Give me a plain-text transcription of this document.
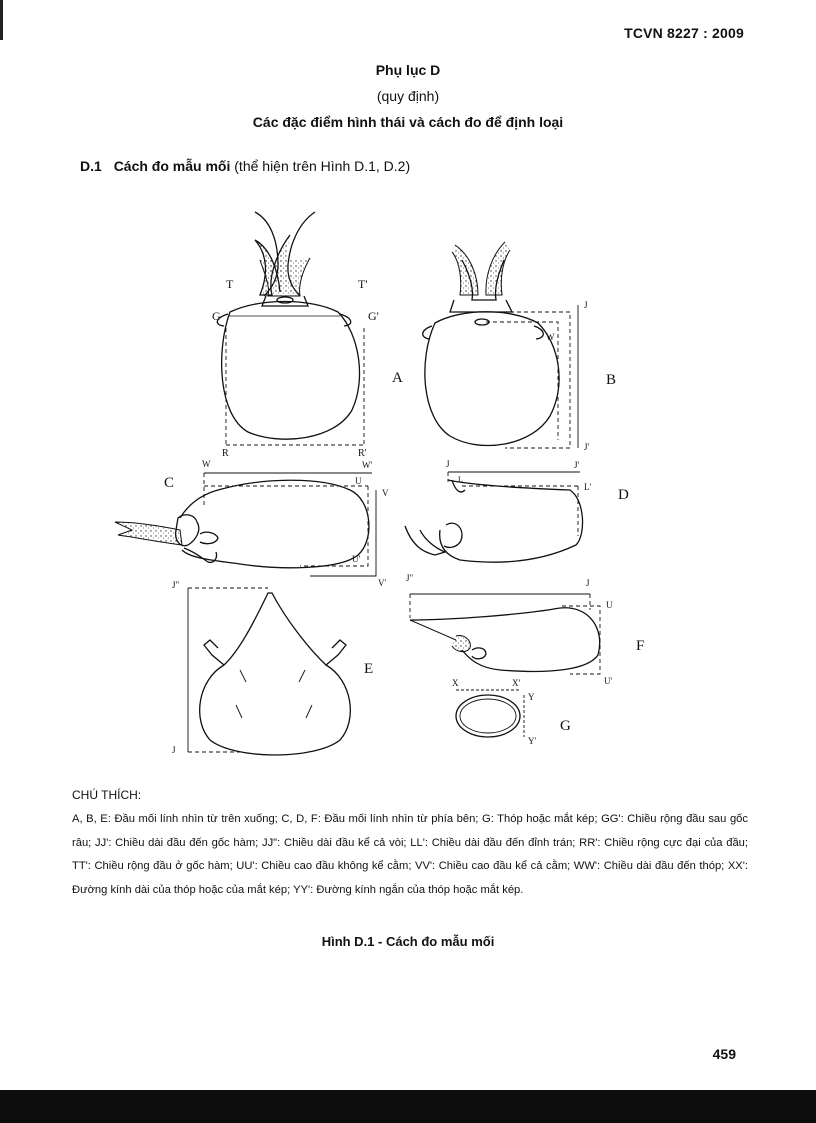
TCVN 8227 : 2009
Phụ lục D
(quy định)
Các đặc điểm hình thái và cách đo để định loại
D.1 Cách đo mẫu mối (thể hiện trên Hình D.1, D.2)
T	T'
G	G'
R	R'
A
J
W
J'
B
W	W'
U
V
U'
V'
C
J	J'
L
L' D
J"
J
E
J"	J
U
U'
F
X	X'
Y
Y'
G
CHÚ THÍCH:
A, B, E: Đầu mối lính nhìn từ trên xuống; C, D, F: Đầu mối lính nhìn từ phía bên; G: Thóp hoặc mắt kép; GG': Chiều rộng đầu sau gốc râu; JJ': Chiều dài đầu đến gốc hàm; JJ": Chiều dài đầu kể cả vòi; LL': Chiều dài đầu đến đỉnh trán; RR': Chiều rộng cực đại của đầu; TT': Chiều rộng đầu ở gốc hàm; UU': Chiều cao đầu không kể cằm; VV': Chiều cao đầu kể cả cằm; WW': Chiều dài đầu đến thóp; XX': Đường kính dài của thóp hoặc của mắt kép; YY': Đường kính ngắn của thóp hoặc mắt kép.
Hình D.1 - Cách đo mẫu mối
459
